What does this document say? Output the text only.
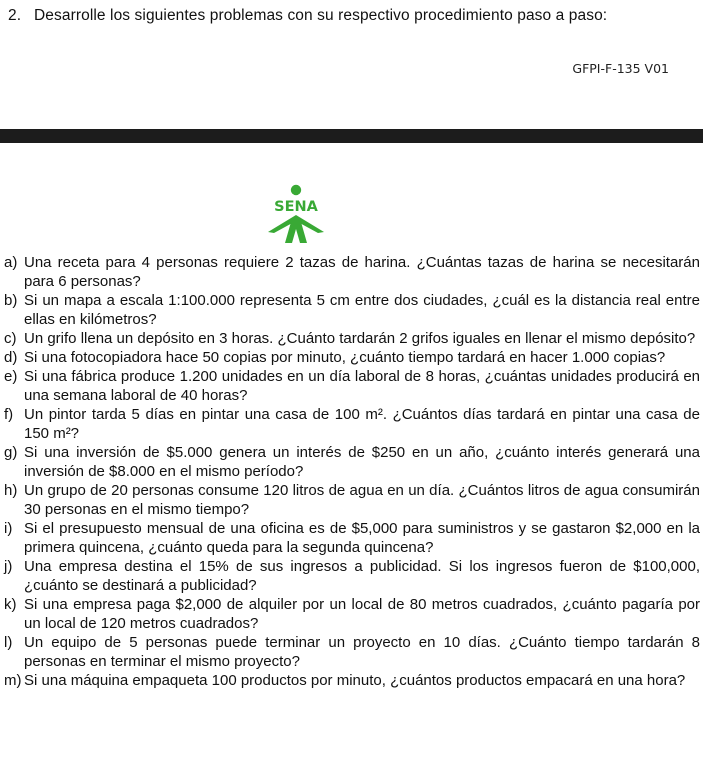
2. Desarrolle los siguientes problemas con su respectivo procedimiento paso a paso:
GFPI-F-135 V01
SENA
a) Una receta para 4 personas requiere 2 tazas de harina. ¿Cuántas tazas de harina se necesitarán para 6 personas?
b) Si un mapa a escala 1:100.000 representa 5 cm entre dos ciudades, ¿cuál es la distancia real entre ellas en kilómetros?
c) Un grifo llena un depósito en 3 horas. ¿Cuánto tardarán 2 grifos iguales en llenar el mismo depósito?
d) Si una fotocopiadora hace 50 copias por minuto, ¿cuánto tiempo tardará en hacer 1.000 copias?
e) Si una fábrica produce 1.200 unidades en un día laboral de 8 horas, ¿cuántas unidades producirá en una semana laboral de 40 horas?
f) Un pintor tarda 5 días en pintar una casa de 100 m². ¿Cuántos días tardará en pintar una casa de 150 m²?
g) Si una inversión de $5.000 genera un interés de $250 en un año, ¿cuánto interés generará una inversión de $8.000 en el mismo período?
h) Un grupo de 20 personas consume 120 litros de agua en un día. ¿Cuántos litros de agua consumirán 30 personas en el mismo tiempo?
i) Si el presupuesto mensual de una oficina es de $5,000 para suministros y se gastaron $2,000 en la primera quincena, ¿cuánto queda para la segunda quincena?
j) Una empresa destina el 15% de sus ingresos a publicidad. Si los ingresos fueron de $100,000, ¿cuánto se destinará a publicidad?
k) Si una empresa paga $2,000 de alquiler por un local de 80 metros cuadrados, ¿cuánto pagaría por un local de 120 metros cuadrados?
l) Un equipo de 5 personas puede terminar un proyecto en 10 días. ¿Cuánto tiempo tardarán 8 personas en terminar el mismo proyecto?
m) Si una máquina empaqueta 100 productos por minuto, ¿cuántos productos empacará en una hora?
